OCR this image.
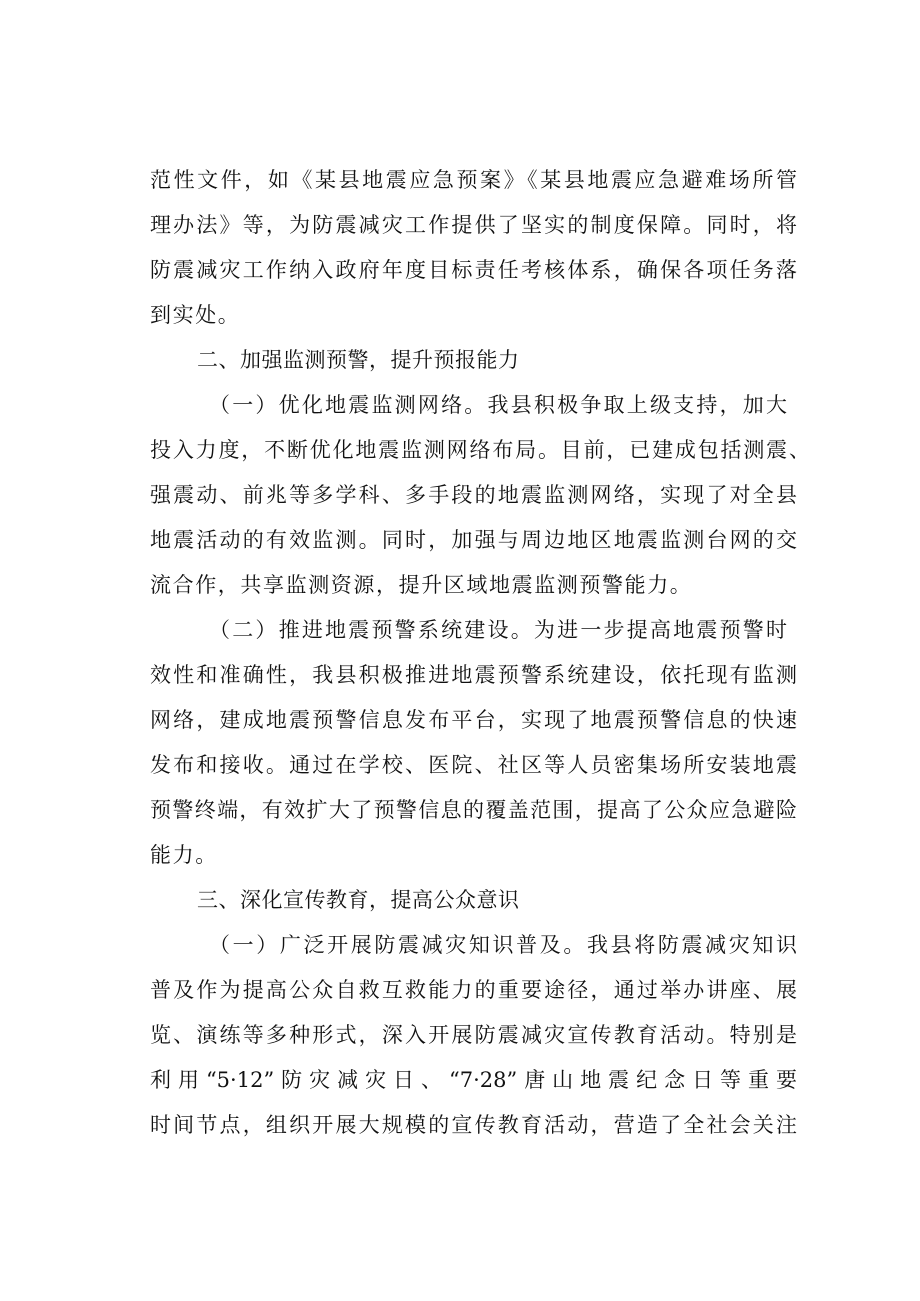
范性文件，如《某县地震应急预案》《某县地震应急避难场所管
理办法》等，为防震减灾工作提供了坚实的制度保障。同时，将
防震减灾工作纳入政府年度目标责任考核体系，确保各项任务落
到实处。
二、加强监测预警，提升预报能力
（一）优化地震监测网络。我县积极争取上级支持，加大
投入力度，不断优化地震监测网络布局。目前，已建成包括测震、
强震动、前兆等多学科、多手段的地震监测网络，实现了对全县
地震活动的有效监测。同时，加强与周边地区地震监测台网的交
流合作，共享监测资源，提升区域地震监测预警能力。
（二）推进地震预警系统建设。为进一步提高地震预警时
效性和准确性，我县积极推进地震预警系统建设，依托现有监测
网络，建成地震预警信息发布平台，实现了地震预警信息的快速
发布和接收。通过在学校、医院、社区等人员密集场所安装地震
预警终端，有效扩大了预警信息的覆盖范围，提高了公众应急避险
能力。
三、深化宣传教育，提高公众意识
（一）广泛开展防震减灾知识普及。我县将防震减灾知识
普及作为提高公众自救互救能力的重要途径，通过举办讲座、展
览、演练等多种形式，深入开展防震减灾宣传教育活动。特别是
利用“5·12”防灾减灾日、“7·28”唐山地震纪念日等重要
时间节点，组织开展大规模的宣传教育活动，营造了全社会关注
